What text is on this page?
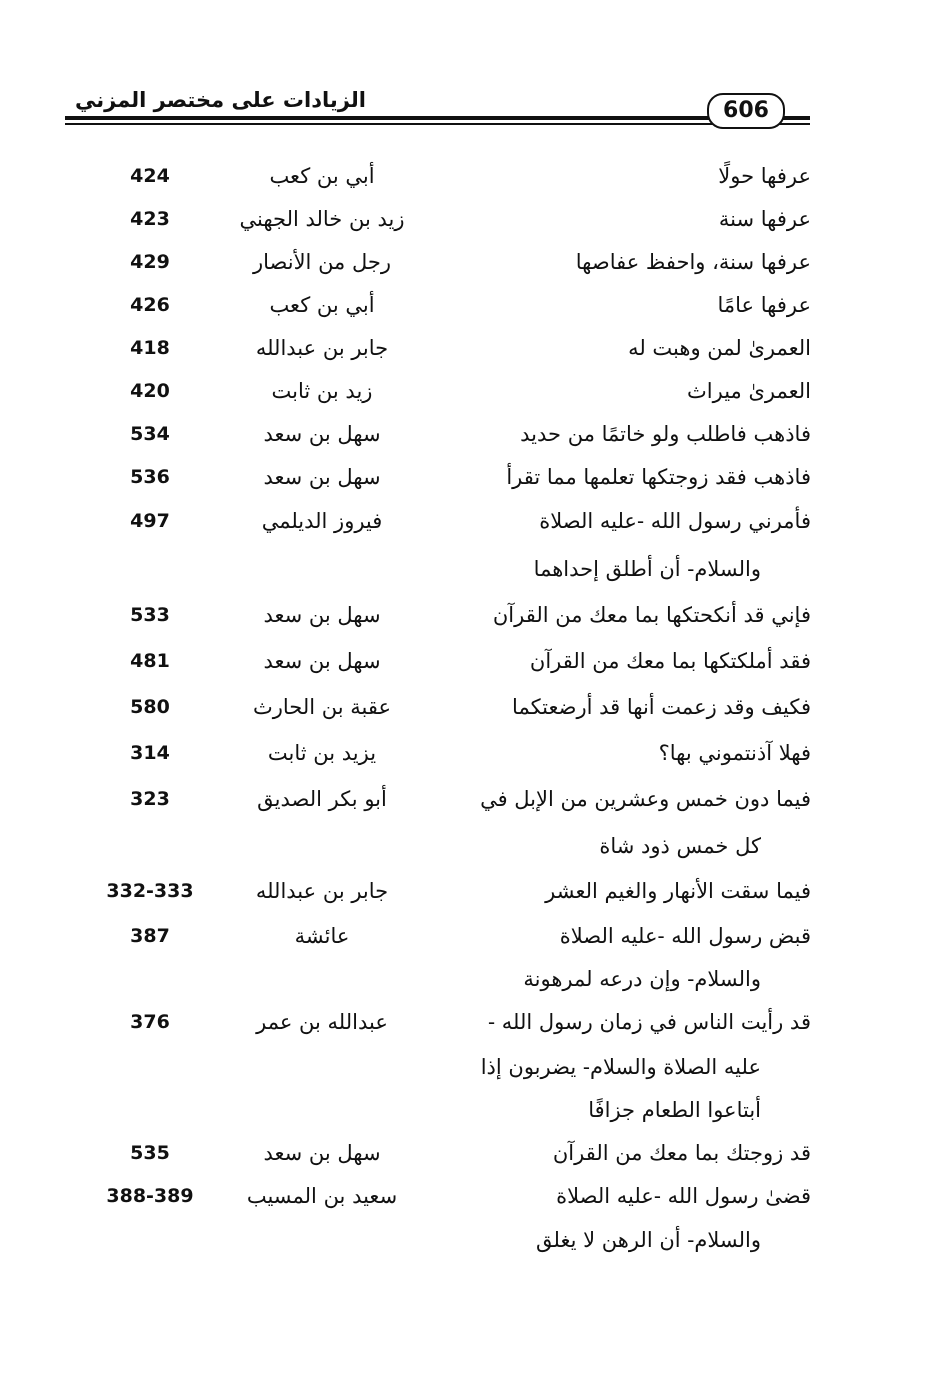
الزيادات على مختصر المزني	606
عرفها حولًا
أبي بن كعب
424
عرفها سنة
زيد بن خالد الجهني
423
عرفها سنة، واحفظ عفاصها
رجل من الأنصار
429
عرفها عامًا
أبي بن كعب
426
العمرىٰ لمن وهبت له
جابر بن عبدالله
418
العمرىٰ ميراث
زيد بن ثابت
420
فاذهب فاطلب ولو خاتمًا من حديد
سهل بن سعد
534
فاذهب فقد زوجتكها تعلمها مما تقرأ
سهل بن سعد
536
فأمرني رسول الله -عليه الصلاة
فيروز الديلمي
497
والسلام- أن أطلق إحداهما
فإني قد أنكحتكها بما معك من القرآن
سهل بن سعد
533
فقد أملكتكها بما معك من القرآن
سهل بن سعد
481
فكيف وقد زعمت أنها قد أرضعتكما
عقبة بن الحارث
580
فهلا آذنتموني بها؟
يزيد بن ثابت
314
فيما دون خمس وعشرين من الإبل في
أبو بكر الصديق
323
كل خمس ذود شاة
فيما سقت الأنهار والغيم العشر
جابر بن عبدالله
332-333
قبض رسول الله -عليه الصلاة
عائشة
387
والسلام- وإن درعه لمرهونة
قد رأيت الناس في زمان رسول الله -
عبدالله بن عمر
376
عليه الصلاة والسلام- يضربون إذا
أبتاعوا الطعام جزافًا
قد زوجتك بما معك من القرآن
سهل بن سعد
535
قضىٰ رسول الله -عليه الصلاة
سعيد بن المسيب
388-389
والسلام- أن الرهن لا يغلق
